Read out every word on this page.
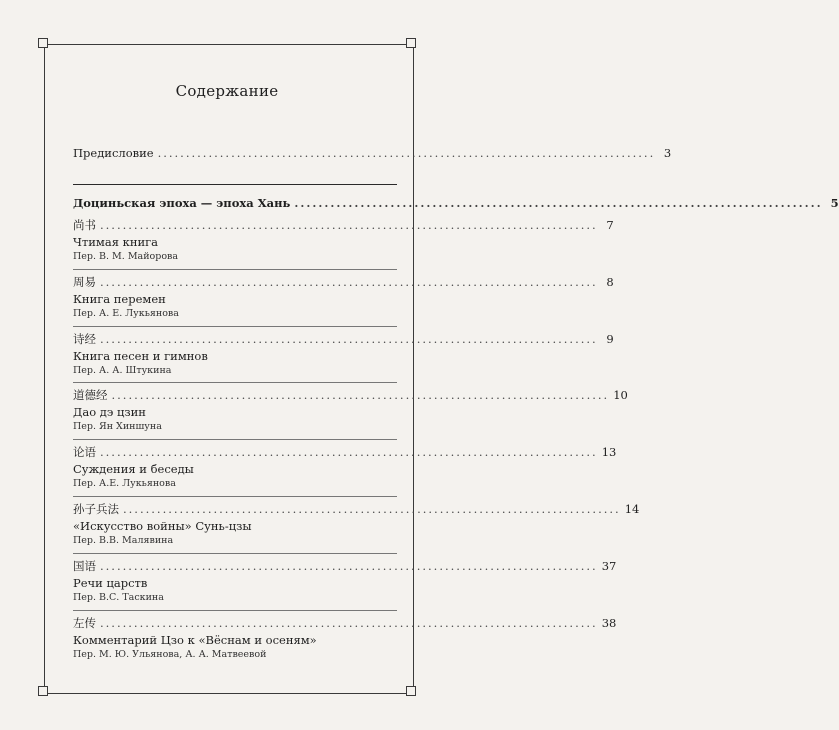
Содержание
Предисловие ........................................................................................ 3
Доциньская эпоха — эпоха Хань ........................................................................................ 5
尚书 ........................................................................................ 7
Чтимая книга
Пер. В. М. Майорова
周易 ........................................................................................ 8
Книга перемен
Пер. А. Е. Лукьянова
诗经 ........................................................................................ 9
Книга песен и гимнов
Пер. А. А. Штукина
道德经 ........................................................................................ 10
Дао дэ цзин
Пер. Ян Хиншуна
论语 ........................................................................................ 13
Суждения и беседы
Пер. А.Е. Лукьянова
孙子兵法 ........................................................................................ 14
«Искусство войны» Сунь-цзы
Пер. В.В. Малявина
国语 ........................................................................................ 37
Речи царств
Пер. В.С. Таскина
左传 ........................................................................................ 38
Комментарий Цзо к «Вёснам и осеням»
Пер. М. Ю. Ульянова, А. А. Матвеевой
